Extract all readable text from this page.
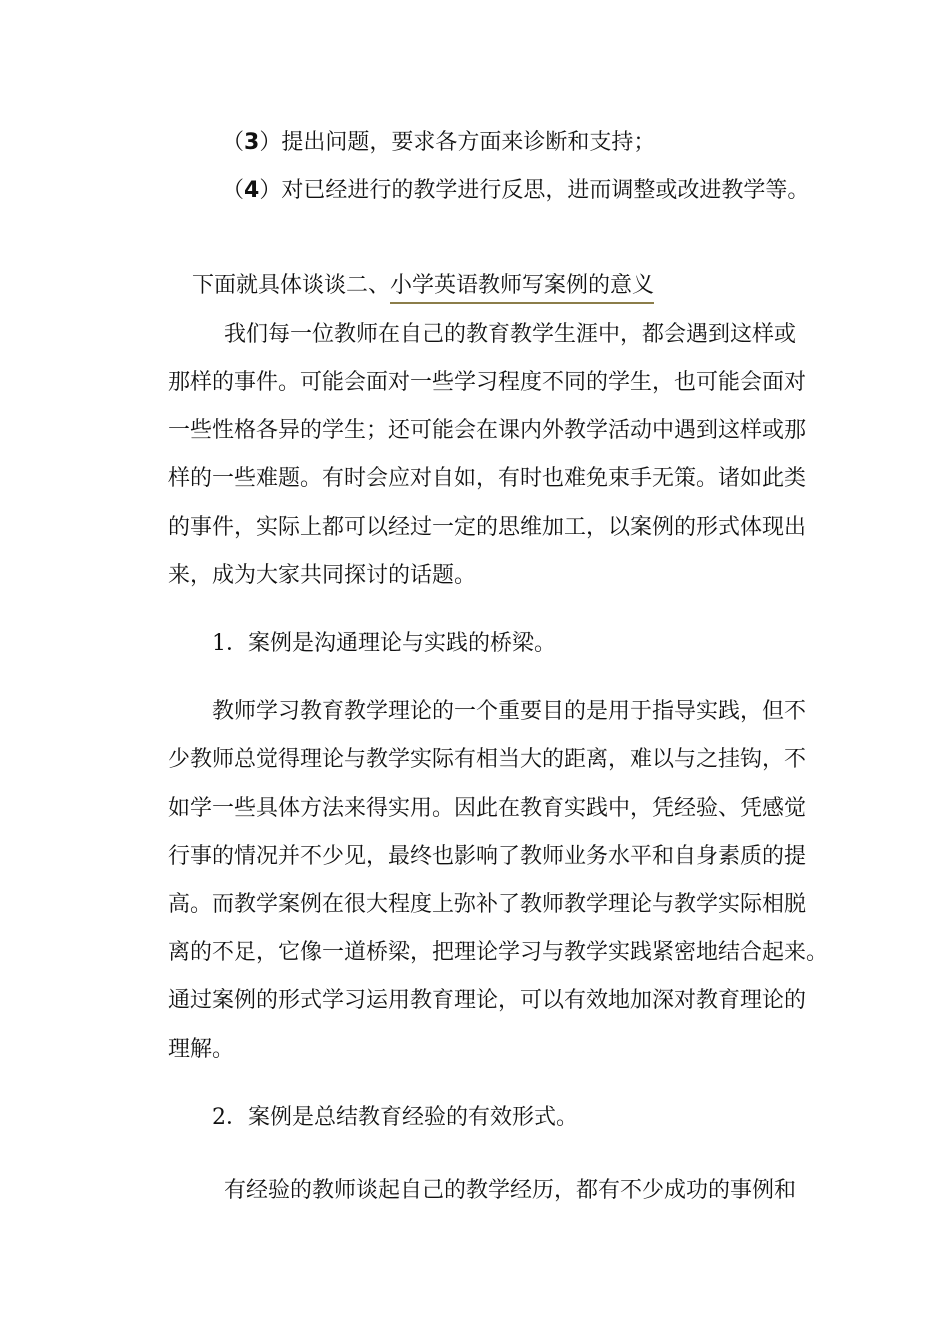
（3）提出问题，要求各方面来诊断和支持；
（4）对已经进行的教学进行反思，进而调整或改进教学等。
下面就具体谈谈二、小学英语教师写案例的意义
我们每一位教师在自己的教育教学生涯中，都会遇到这样或
那样的事件。可能会面对一些学习程度不同的学生，也可能会面对
一些性格各异的学生；还可能会在课内外教学活动中遇到这样或那
样的一些难题。有时会应对自如，有时也难免束手无策。诸如此类
的事件，实际上都可以经过一定的思维加工，以案例的形式体现出
来，成为大家共同探讨的话题。
1．案例是沟通理论与实践的桥梁。
教师学习教育教学理论的一个重要目的是用于指导实践，但不
少教师总觉得理论与教学实际有相当大的距离，难以与之挂钩，不
如学一些具体方法来得实用。因此在教育实践中，凭经验、凭感觉
行事的情况并不少见，最终也影响了教师业务水平和自身素质的提
高。而教学案例在很大程度上弥补了教师教学理论与教学实际相脱
离的不足，它像一道桥梁，把理论学习与教学实践紧密地结合起来。
通过案例的形式学习运用教育理论，可以有效地加深对教育理论的
理解。
2．案例是总结教育经验的有效形式。
有经验的教师谈起自己的教学经历，都有不少成功的事例和
